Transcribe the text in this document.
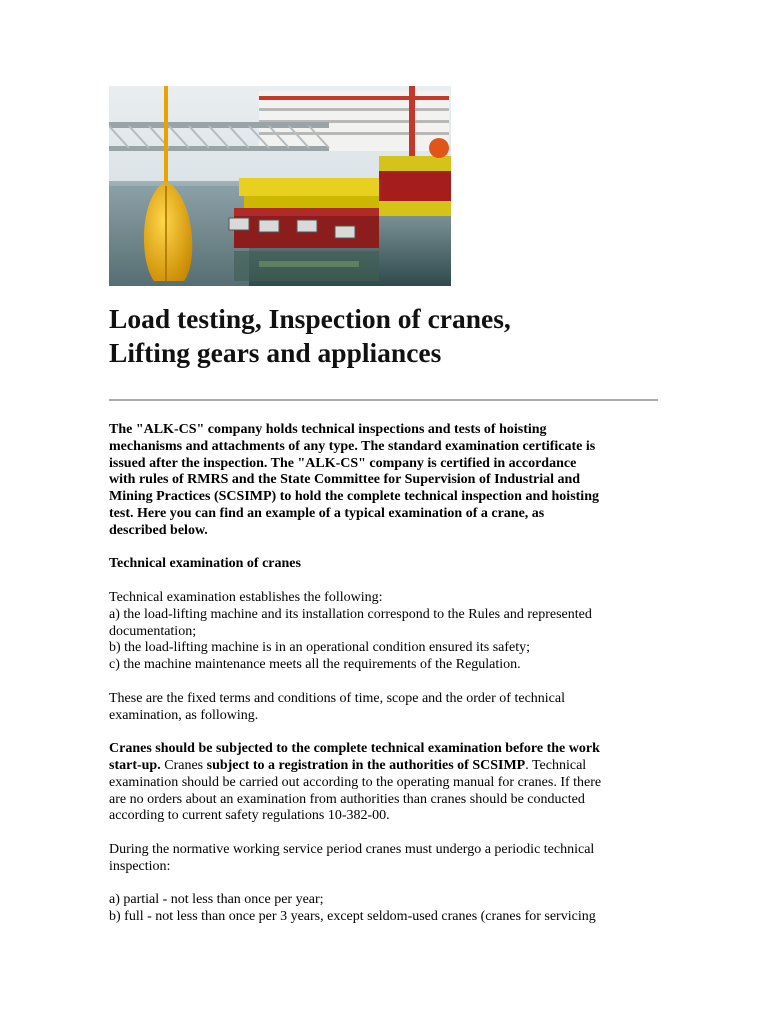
Load testing, Inspection of cranes,
Lifting gears and appliances

The "ALK-CS" company holds technical inspections and tests of hoisting
mechanisms and attachments of any type. The standard examination certificate is
issued after the inspection. The "ALK-CS" company is certified in accordance
with rules of RMRS and the State Committee for Supervision of Industrial and
Mining Practices (SCSIMP) to hold the complete technical inspection and hoisting
test. Here you can find an example of a typical examination of a crane, as
described below.

Technical examination of cranes

Technical examination establishes the following:
a) the load-lifting machine and its installation correspond to the Rules and represented
documentation;
b) the load-lifting machine is in an operational condition ensured its safety;
c) the machine maintenance meets all the requirements of the Regulation.

These are the fixed terms and conditions of time, scope and the order of technical
examination, as following.

Cranes should be subjected to the complete technical examination before the work
start-up. Cranes subject to a registration in the authorities of SCSIMP. Technical
examination should be carried out according to the operating manual for cranes. If there
are no orders about an examination from authorities than cranes should be conducted
according to current safety regulations 10-382-00.

During the normative working service period cranes must undergo a periodic technical
inspection:

a) partial - not less than once per year;
b) full - not less than once per 3 years, except seldom-used cranes (cranes for servicing
